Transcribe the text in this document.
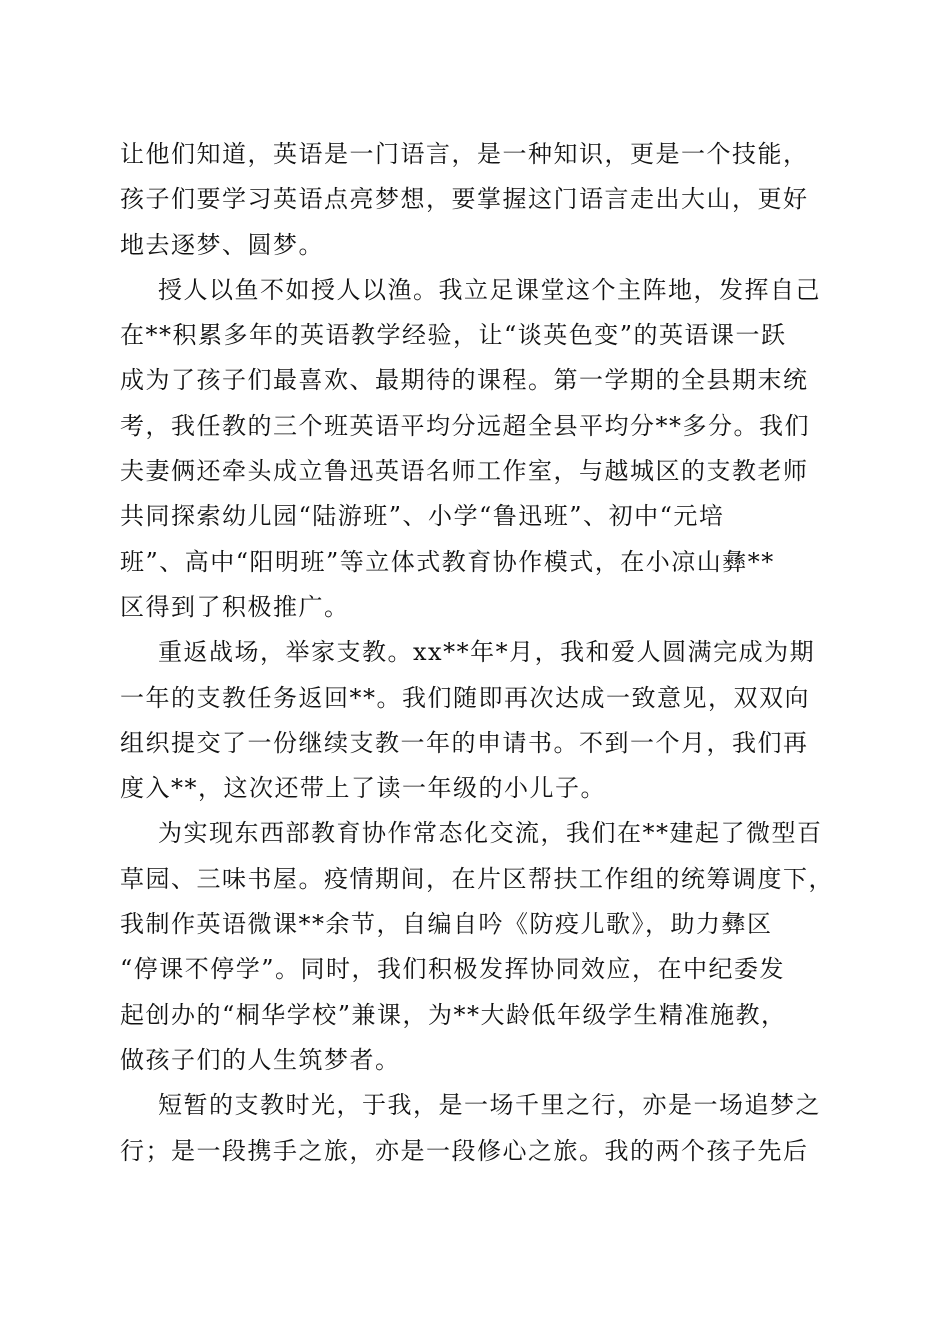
让他们知道，英语是一门语言，是一种知识，更是一个技能，
孩子们要学习英语点亮梦想，要掌握这门语言走出大山，更好
地去逐梦、圆梦。
授人以鱼不如授人以渔。我立足课堂这个主阵地，发挥自己
在**积累多年的英语教学经验，让“谈英色变”的英语课一跃
成为了孩子们最喜欢、最期待的课程。第一学期的全县期末统
考，我任教的三个班英语平均分远超全县平均分**多分。我们
夫妻俩还牵头成立鲁迅英语名师工作室，与越城区的支教老师
共同探索幼儿园“陆游班”、小学“鲁迅班”、初中“元培
班”、高中“阳明班”等立体式教育协作模式，在小凉山彝**
区得到了积极推广。
重返战场，举家支教。xx**年*月，我和爱人圆满完成为期
一年的支教任务返回**。我们随即再次达成一致意见，双双向
组织提交了一份继续支教一年的申请书。不到一个月，我们再
度入**，这次还带上了读一年级的小儿子。
为实现东西部教育协作常态化交流，我们在**建起了微型百
草园、三味书屋。疫情期间，在片区帮扶工作组的统筹调度下，
我制作英语微课**余节，自编自吟《防疫儿歌》，助力彝区
“停课不停学”。同时，我们积极发挥协同效应，在中纪委发
起创办的“桐华学校”兼课，为**大龄低年级学生精准施教，
做孩子们的人生筑梦者。
短暂的支教时光，于我，是一场千里之行，亦是一场追梦之
行；是一段携手之旅，亦是一段修心之旅。我的两个孩子先后
